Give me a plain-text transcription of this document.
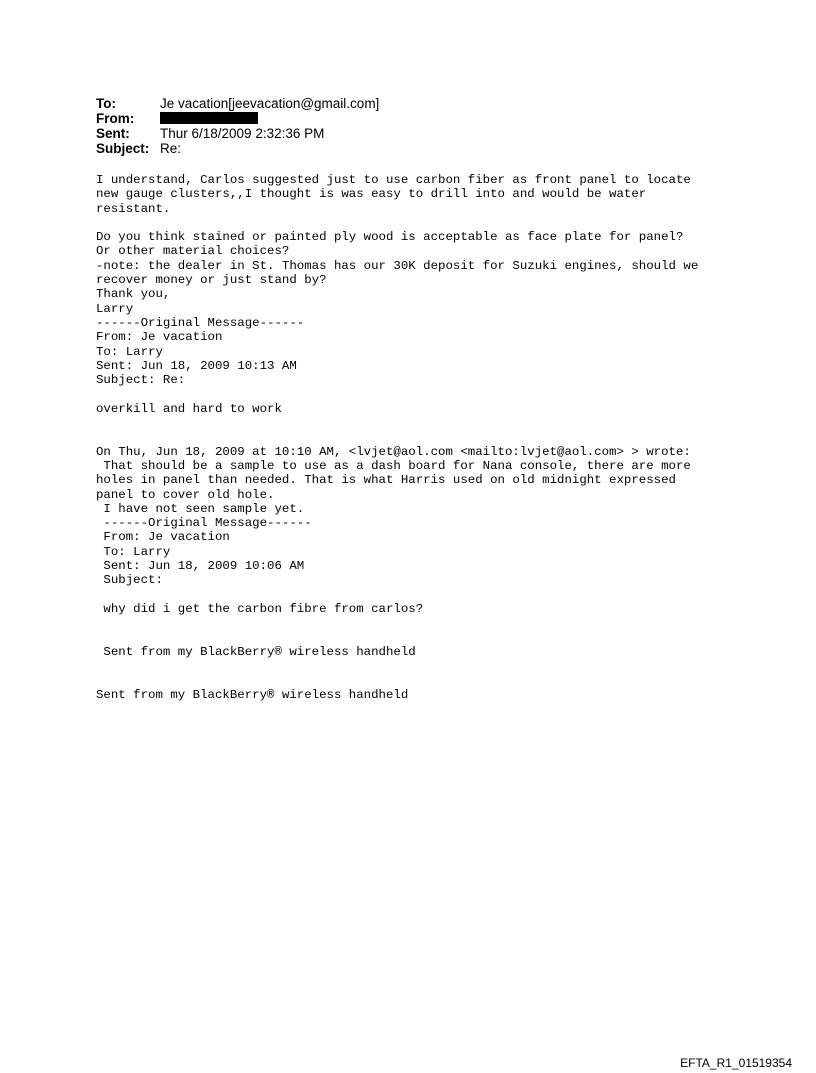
To:	Je vacation[jeevacation@gmail.com]
From:
Sent:	Thur 6/18/2009 2:32:36 PM
Subject: Re:
I understand, Carlos suggested just to use carbon fiber as front panel to locate
new gauge clusters,,I thought is was easy to drill into and would be water
resistant.
Do you think stained or painted ply wood is acceptable as face plate for panel?
Or other material choices?
-note: the dealer in St. Thomas has our 30K deposit for Suzuki engines, should we
recover money or just stand by?
Thank you,
Larry
------Original Message------
From: Je vacation
To: Larry
Sent: Jun 18, 2009 10:13 AM
Subject: Re:
overkill and hard to work
On Thu, Jun 18, 2009 at 10:10 AM, <lvjet@aol.com <mailto:lvjet@aol.com> > wrote:
That should be a sample to use as a dash board for Nana console, there are more
holes in panel than needed. That is what Harris used on old midnight expressed
panel to cover old hole.
I have not seen sample yet.
------Original Message------
From: Je vacation
To: Larry
Sent: Jun 18, 2009 10:06 AM
Subject:
why did i get the carbon fibre from carlos?
Sent from my BlackBerry® wireless handheld
Sent from my BlackBerry® wireless handheld
EFTA_R1_01519354
